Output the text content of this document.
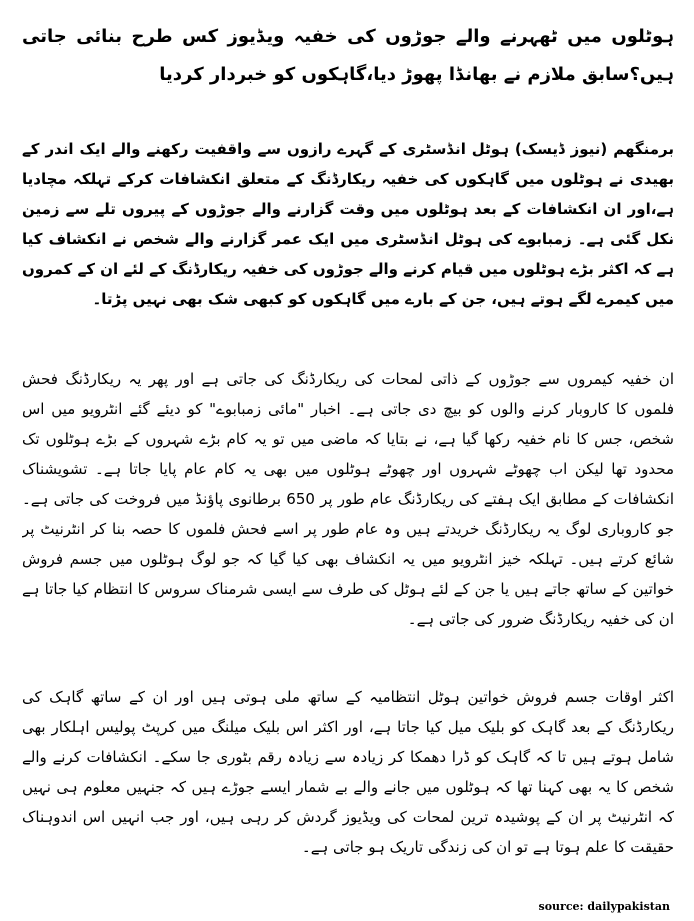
ہوٹلوں میں ٹھہرنے والے جوڑوں کی خفیہ ویڈیوز کس طرح بنائی جاتی ہیں؟سابق ملازم نے بھانڈا پھوڑ دیا،گاہکوں کو خبردار کردیا

برمنگھم (نیوز ڈیسک) ہوٹل انڈسٹری کے گہرے رازوں سے واقفیت رکھنے والے ایک اندر کے بھیدی نے ہوٹلوں میں گاہکوں کی خفیہ ریکارڈنگ کے متعلق انکشافات کرکے تہلکہ مچادیا ہے،اور ان انکشافات کے بعد ہوٹلوں میں وقت گزارنے والے جوڑوں کے پیروں تلے سے زمین نکل گئی ہے۔ زمبابوے کی ہوٹل انڈسٹری میں ایک عمر گزارنے والے شخص نے انکشاف کیا ہے کہ اکثر بڑے ہوٹلوں میں قیام کرنے والے جوڑوں کی خفیہ ریکارڈنگ کے لئے ان کے کمروں میں کیمرے لگے ہوتے ہیں، جن کے بارے میں گاہکوں کو کبھی شک بھی نہیں پڑتا۔

ان خفیہ کیمروں سے جوڑوں کے ذاتی لمحات کی ریکارڈنگ کی جاتی ہے اور پھر یہ ریکارڈنگ فحش فلموں کا کاروبار کرنے والوں کو بیچ دی جاتی ہے۔ اخبار "مائی زمبابوے" کو دیئے گئے انٹرویو میں اس شخص، جس کا نام خفیہ رکھا گیا ہے، نے بتایا کہ ماضی میں تو یہ کام بڑے شہروں کے بڑے ہوٹلوں تک محدود تھا لیکن اب چھوٹے شہروں اور چھوٹے ہوٹلوں میں بھی یہ کام عام پایا جاتا ہے۔ تشویشناک انکشافات کے مطابق ایک ہفتے کی ریکارڈنگ عام طور پر 650 برطانوی پاﺅنڈ میں فروخت کی جاتی ہے۔ جو کاروباری لوگ یہ ریکارڈنگ خریدتے ہیں وہ عام طور پر اسے فحش فلموں کا حصہ بنا کر انٹرنیٹ پر شائع کرتے ہیں۔ تہلکہ خیز انٹرویو میں یہ انکشاف بھی کیا گیا کہ جو لوگ ہوٹلوں میں جسم فروش خواتین کے ساتھ جاتے ہیں یا جن کے لئے ہوٹل کی طرف سے ایسی شرمناک سروس کا انتظام کیا جاتا ہے ان کی خفیہ ریکارڈنگ ضرور کی جاتی ہے۔

اکثر اوقات جسم فروش خواتین ہوٹل انتظامیہ کے ساتھ ملی ہوتی ہیں اور ان کے ساتھ گاہک کی ریکارڈنگ کے بعد گاہک کو بلیک میل کیا جاتا ہے، اور اکثر اس بلیک میلنگ میں کرپٹ پولیس اہلکار بھی شامل ہوتے ہیں تا کہ گاہک کو ڈرا دھمکا کر زیادہ سے زیادہ رقم بٹوری جا سکے۔ انکشافات کرنے والے شخص کا یہ بھی کہنا تھا کہ ہوٹلوں میں جانے والے بے شمار ایسے جوڑے ہیں کہ جنہیں معلوم ہی نہیں کہ انٹرنیٹ پر ان کے پوشیدہ ترین لمحات کی ویڈیوز گردش کر رہی ہیں، اور جب انہیں اس اندوہناک حقیقت کا علم ہوتا ہے تو ان کی زندگی تاریک ہو جاتی ہے۔

source: dailypakistan
